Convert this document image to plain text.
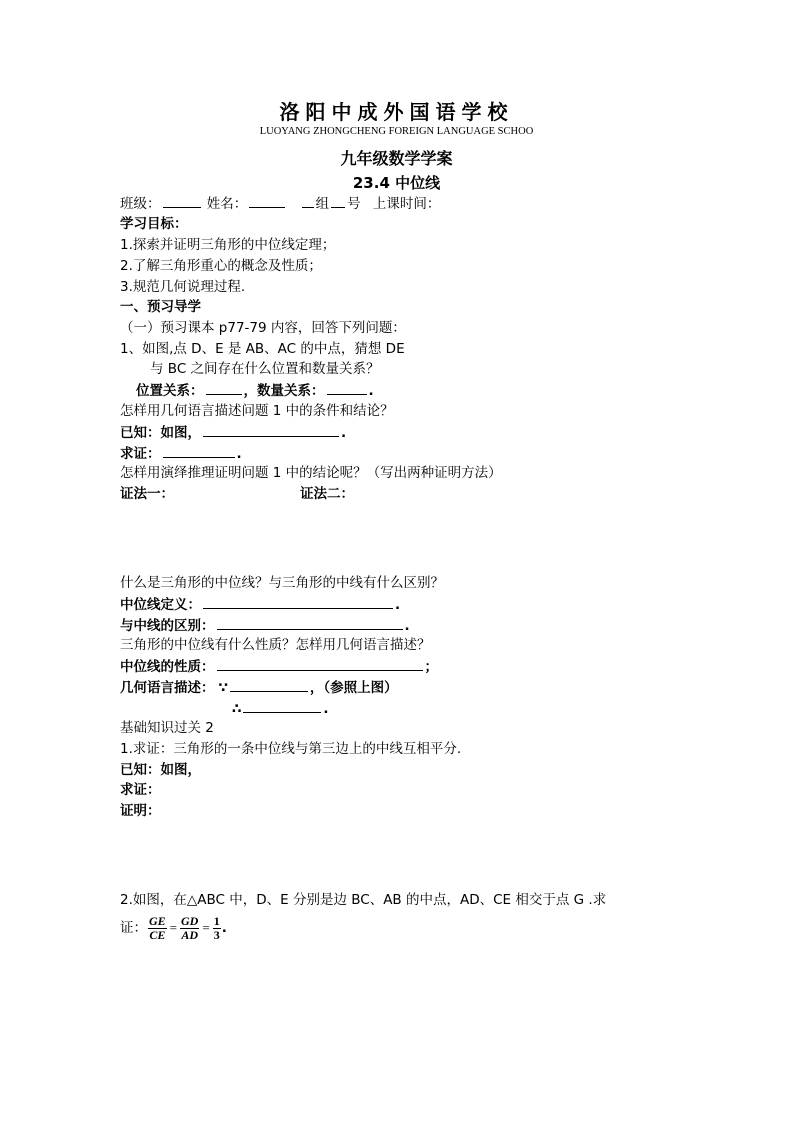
洛阳中成外国语学校
LUOYANG ZHONGCHENG FOREIGN LANGUAGE SCHOO
九年级数学学案
23.4 中位线
班级：	姓名：	组 号 上课时间：
学习目标：
1.探索并证明三角形的中位线定理；
2.了解三角形重心的概念及性质；
3.规范几何说理过程.
一、预习导学
（一）预习课本 p77-79 内容，回答下列问题：
1、如图,点 D、E 是 AB、AC 的中点，猜想 DE
与 BC 之间存在什么位置和数量关系？
位置关系：	，数量关系：	.
怎样用几何语言描述问题 1 中的条件和结论？
已知：如图，	.
求证：	.
怎样用演绎推理证明问题 1 中的结论呢？（写出两种证明方法）
证法一：	证法二：
什么是三角形的中位线？与三角形的中线有什么区别？
中位线定义：	.
与中线的区别：	.
三角形的中位线有什么性质？怎样用几何语言描述？
中位线的性质：	；
几何语言描述： ∵	，（参照上图）
∴	.
基础知识过关 2
1.求证：三角形的一条中位线与第三边上的中线互相平分.
已知：如图，
求证：
证明：
2.如图，在△ABC 中，D、E 分别是边 BC、AB 的中点，AD、CE 相交于点 G .求
证： $\frac{GE}{CE} = \frac{GD}{AD} = \frac{1}{3}$ .
